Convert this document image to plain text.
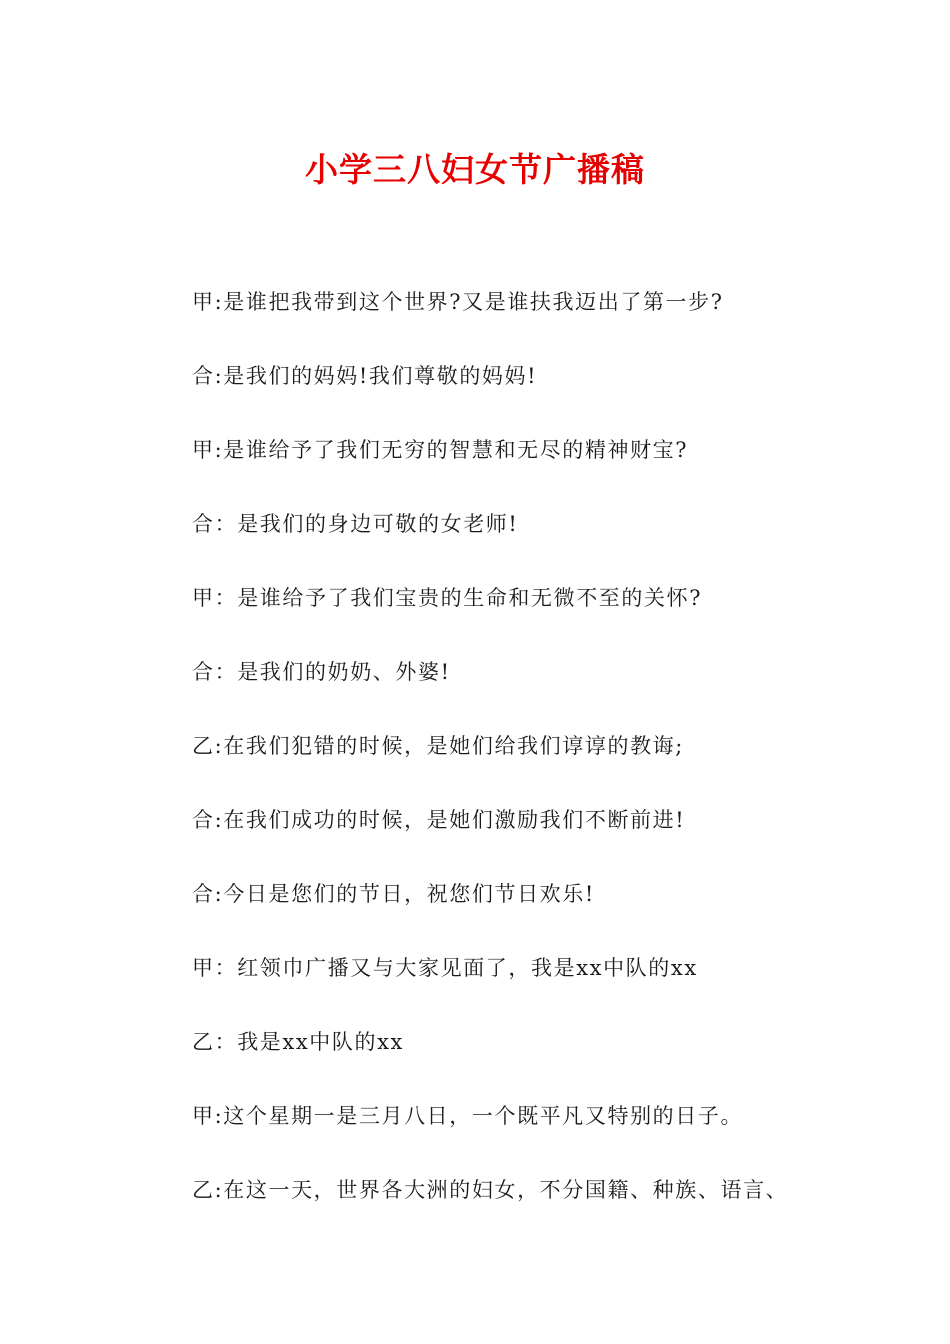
小学三八妇女节广播稿
甲:是谁把我带到这个世界?又是谁扶我迈出了第一步?
合:是我们的妈妈!我们尊敬的妈妈!
甲:是谁给予了我们无穷的智慧和无尽的精神财宝?
合：是我们的身边可敬的女老师!
甲：是谁给予了我们宝贵的生命和无微不至的关怀?
合：是我们的奶奶、外婆!
乙:在我们犯错的时候，是她们给我们谆谆的教诲;
合:在我们成功的时候，是她们激励我们不断前进!
合:今日是您们的节日，祝您们节日欢乐!
甲：红领巾广播又与大家见面了，我是xx中队的xx
乙：我是xx中队的xx
甲:这个星期一是三月八日，一个既平凡又特别的日子。
乙:在这一天，世界各大洲的妇女，不分国籍、种族、语言、
